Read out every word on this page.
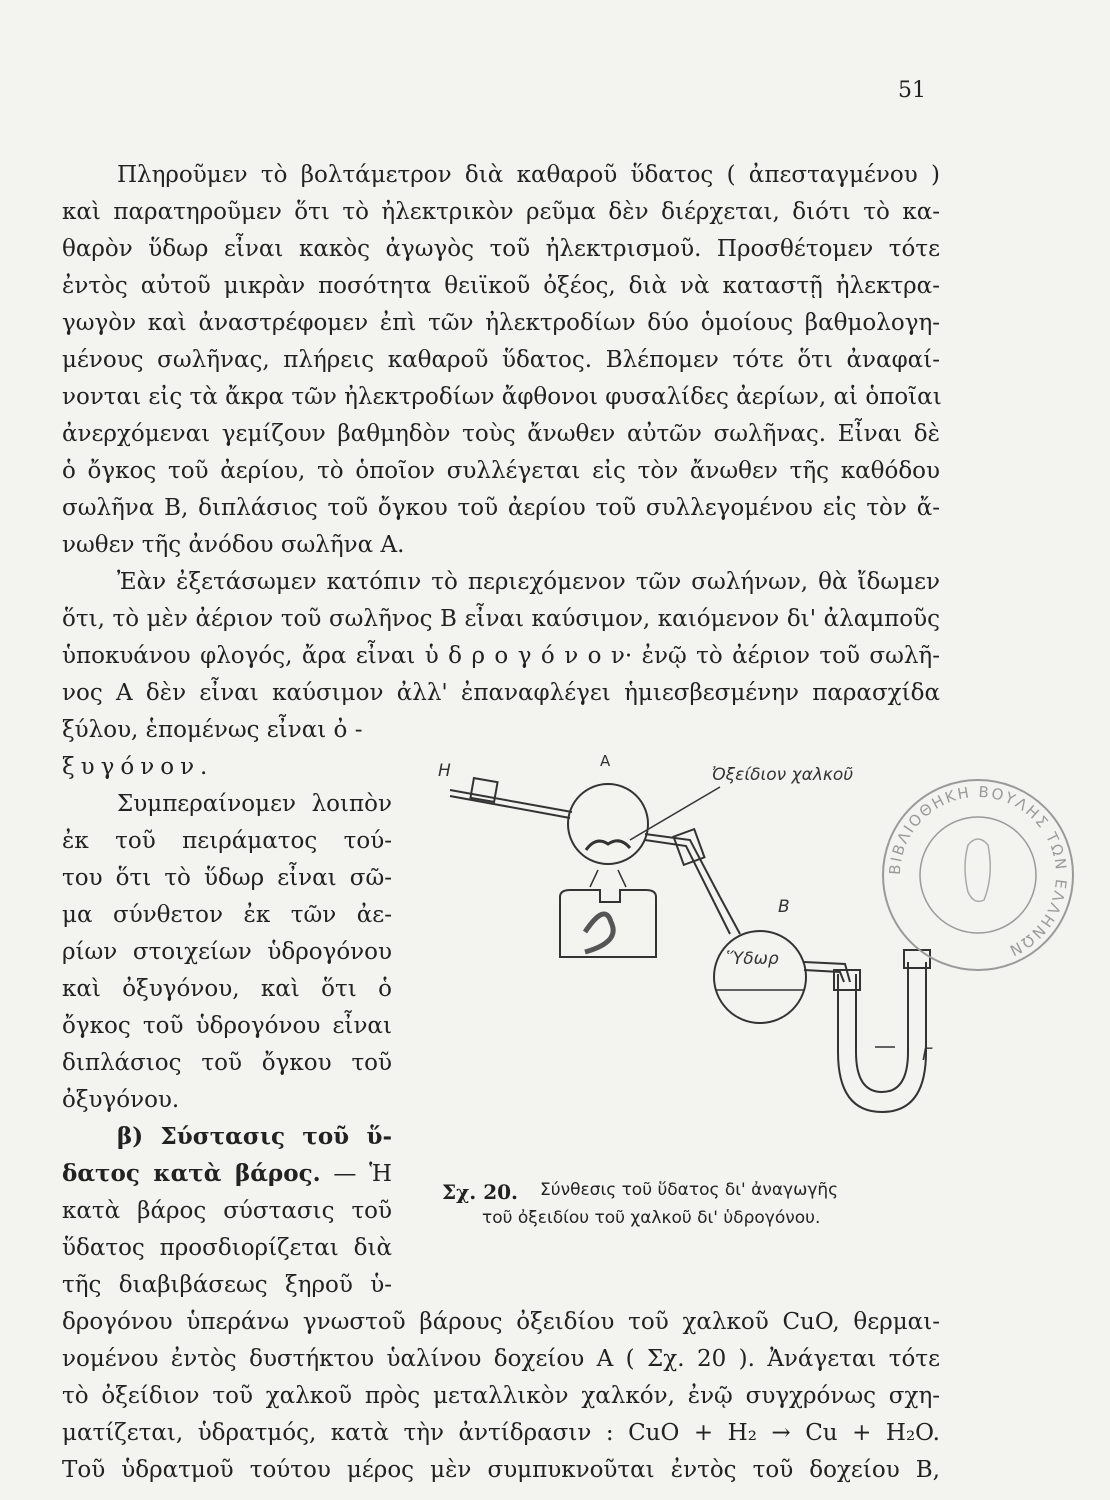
51
Πληροῦμεν τὸ βολτάμετρον διὰ καθαροῦ ὕδατος ( ἀπεσταγμένου )
καὶ παρατηροῦμεν ὅτι τὸ ἠλεκτρικὸν ρεῦμα δὲν διέρχεται, διότι τὸ κα-
θαρὸν ὕδωρ εἶναι κακὸς ἀγωγὸς τοῦ ἠλεκτρισμοῦ. Προσθέτομεν τότε
ἐντὸς αὐτοῦ μικρὰν ποσότητα θειϊκοῦ ὀξέος, διὰ νὰ καταστῇ ἠλεκτρα-
γωγὸν καὶ ἀναστρέφομεν ἐπὶ τῶν ἠλεκτροδίων δύο ὁμοίους βαθμολογη-
μένους σωλῆνας, πλήρεις καθαροῦ ὕδατος. Βλέπομεν τότε ὅτι ἀναφαί-
νονται εἰς τὰ ἄκρα τῶν ἠλεκτροδίων ἄφθονοι φυσαλίδες ἀερίων, αἱ ὁποῖαι
ἀνερχόμεναι γεμίζουν βαθμηδὸν τοὺς ἄνωθεν αὐτῶν σωλῆνας. Εἶναι δὲ
ὁ ὄγκος τοῦ ἀερίου, τὸ ὁποῖον συλλέγεται εἰς τὸν ἄνωθεν τῆς καθόδου
σωλῆνα Β, διπλάσιος τοῦ ὄγκου τοῦ ἀερίου τοῦ συλλεγομένου εἰς τὸν ἄ-
νωθεν τῆς ἀνόδου σωλῆνα Α.
Ἐὰν ἐξετάσωμεν κατόπιν τὸ περιεχόμενον τῶν σωλήνων, θὰ ἴδωμεν
ὅτι, τὸ μὲν ἀέριον τοῦ σωλῆνος Β εἶναι καύσιμον, καιόμενον δι' ἀλαμποῦς
ὑποκυάνου φλογός, ἄρα εἶναι ὑ δ ρ ο γ ό ν ο ν· ἐνῷ τὸ ἀέριον τοῦ σωλῆ-
νος Α δὲν εἶναι καύσιμον ἀλλ' ἐπαναφλέγει ἡμιεσβεσμένην παρασχίδα
ξύλου, ἑπομένως εἶναι ὀ -
ξυγόνον.
Συμπεραίνομεν λοιπὸν
ἐκ τοῦ πειράματος τού-
του ὅτι τὸ ὕδωρ εἶναι σῶ-
μα σύνθετον ἐκ τῶν ἀε-
ρίων στοιχείων ὑδρογόνου
καὶ ὀξυγόνου, καὶ ὅτι ὁ
ὄγκος τοῦ ὑδρογόνου εἶναι
διπλάσιος τοῦ ὄγκου τοῦ
ὀξυγόνου.
β) Σύστασις τοῦ ὕ-
δατος κατὰ βάρος. — Ἡ
κατὰ βάρος σύστασις τοῦ
ὕδατος προσδιορίζεται διὰ
τῆς διαβιβάσεως ξηροῦ ὑ-
δρογόνου ὑπεράνω γνωστοῦ βάρους ὀξειδίου τοῦ χαλκοῦ CuO, θερμαι-
νομένου ἐντὸς δυστήκτου ὑαλίνου δοχείου Α ( Σχ. 20 ). Ἀνάγεται τότε
τὸ ὀξείδιον τοῦ χαλκοῦ πρὸς μεταλλικὸν χαλκόν, ἐνῷ συγχρόνως σχη-
ματίζεται, ὑδρατμός, κατὰ τὴν ἀντίδρασιν : CuO + H₂ → Cu + H₂O.
Τοῦ ὑδρατμοῦ τούτου μέρος μὲν συμπυκνοῦται ἐντὸς τοῦ δοχείου Β,
H	A
Ὀξείδιον χαλκοῦ
B
Ὕδωρ
Γ
Σχ. 20. Σύνθεσις τοῦ ὕδατος δι' ἀναγωγῆς
τοῦ ὀξειδίου τοῦ χαλκοῦ δι' ὑδρογόνου.
ΒΙΒΛΙΟΘΗΚΗ ΒΟΥΛΗΣ ΤΩΝ ΕΛΛΗΝΩΝ
